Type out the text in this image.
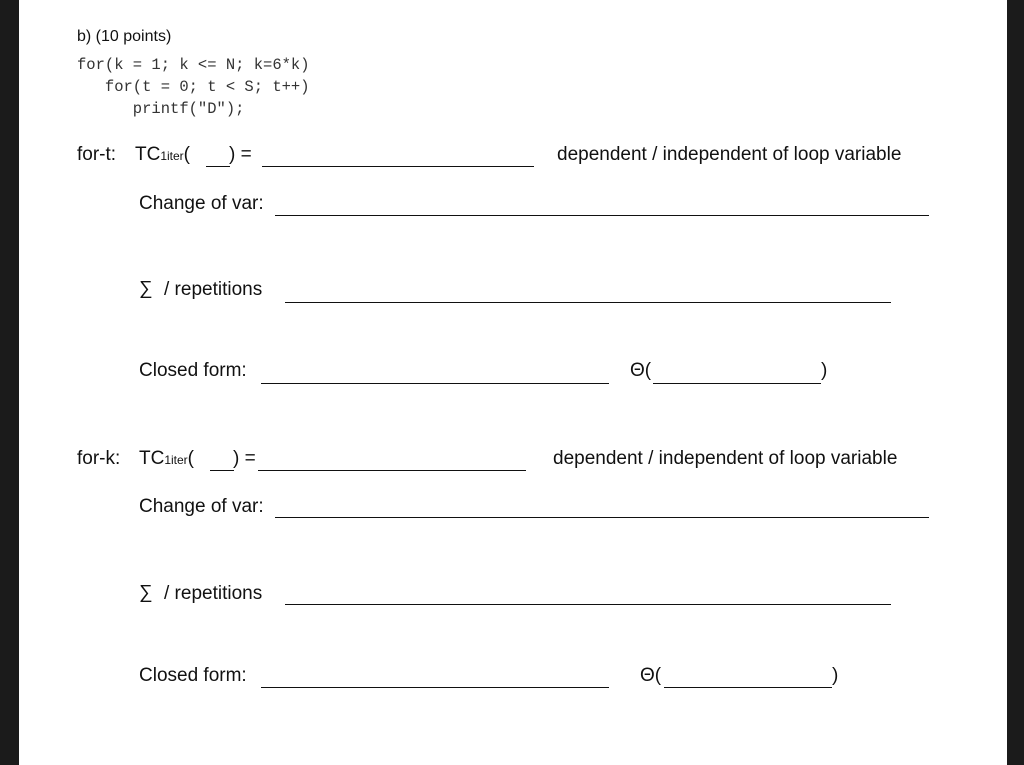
b) (10 points)
for(k = 1; k <= N; k=6*k)
for(t = 0; t < S; t++)
printf("D");
for-t: TC1iter( ) =	dependent / independent of loop variable
Change of var:
∑ / repetitions
Closed form:	Θ(	)
for-k: TC1iter( ) =	dependent / independent of loop variable
Change of var:
∑ / repetitions
Closed form:	Θ(	)
